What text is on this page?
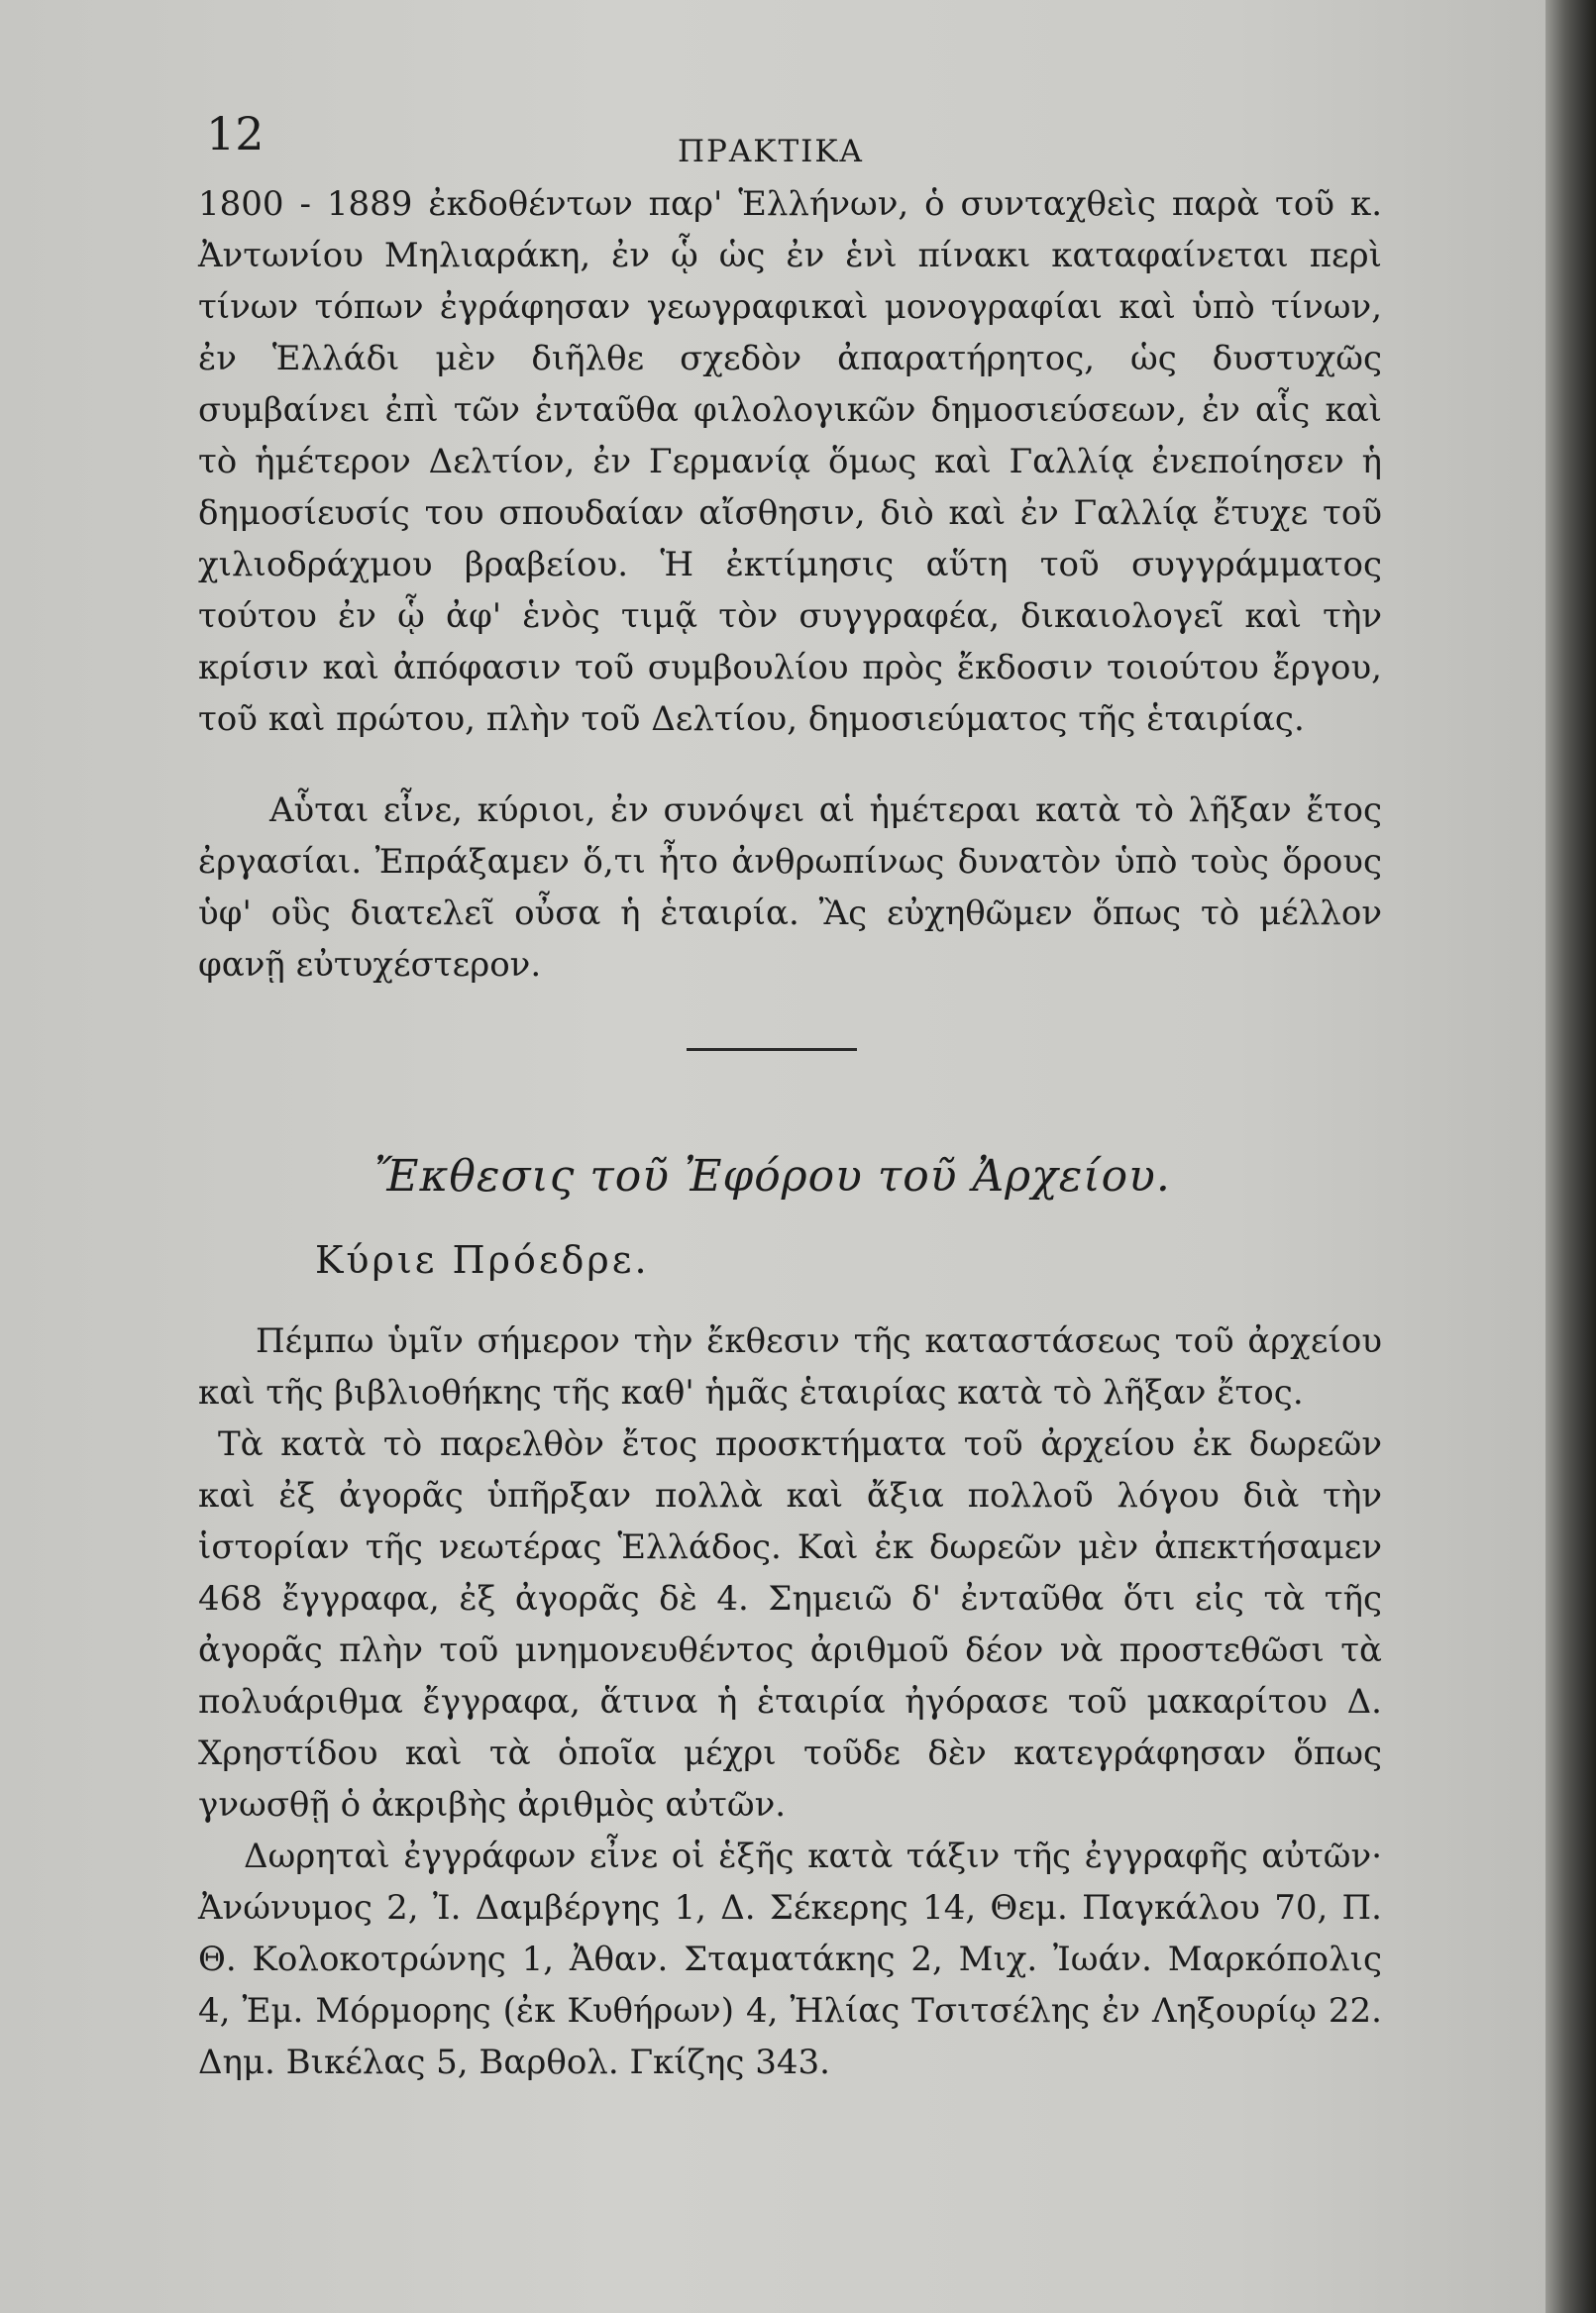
12	ΠΡΑΚΤΙΚΑ

1800 - 1889 ἐκδοθέντων παρ' Ἑλλήνων, ὁ συνταχθεὶς παρὰ τοῦ κ. Ἀντωνίου Μηλιαράκη, ἐν ᾧ ὡς ἐν ἑνὶ πίνακι καταφαίνεται περὶ τίνων τόπων ἐγράφησαν γεωγραφικαὶ μονογραφίαι καὶ ὑπὸ τίνων, ἐν Ἑλλάδι μὲν διῆλθε σχεδὸν ἀπαρατήρητος, ὡς δυστυχῶς συμβαίνει ἐπὶ τῶν ἐνταῦθα φιλολογικῶν δημοσιεύσεων, ἐν αἷς καὶ τὸ ἡμέτερον Δελτίον, ἐν Γερμανίᾳ ὅμως καὶ Γαλλίᾳ ἐνεποίησεν ἡ δημοσίευσίς του σπουδαίαν αἴσθησιν, διὸ καὶ ἐν Γαλλίᾳ ἔτυχε τοῦ χιλιοδράχμου βραβείου. Ἡ ἐκτίμησις αὕτη τοῦ συγγράμματος τούτου ἐν ᾧ ἀφ' ἑνὸς τιμᾷ τὸν συγγραφέα, δικαιολογεῖ καὶ τὴν κρίσιν καὶ ἀπόφασιν τοῦ συμβουλίου πρὸς ἔκδοσιν τοιούτου ἔργου, τοῦ καὶ πρώτου, πλὴν τοῦ Δελτίου, δημοσιεύματος τῆς ἑταιρίας.

Αὗται εἶνε, κύριοι, ἐν συνόψει αἱ ἡμέτεραι κατὰ τὸ λῆξαν ἔτος ἐργασίαι. Ἐπράξαμεν ὅ,τι ἦτο ἀνθρωπίνως δυνατὸν ὑπὸ τοὺς ὅρους ὑφ' οὓς διατελεῖ οὖσα ἡ ἑταιρία. Ἂς εὐχηθῶμεν ὅπως τὸ μέλλον φανῇ εὐτυχέστερον.

Ἔκθεσις τοῦ Ἐφόρου τοῦ Ἀρχείου.
Κύριε Πρόεδρε.

Πέμπω ὑμῖν σήμερον τὴν ἔκθεσιν τῆς καταστάσεως τοῦ ἀρχείου καὶ τῆς βιβλιοθήκης τῆς καθ' ἡμᾶς ἑταιρίας κατὰ τὸ λῆξαν ἔτος.

Τὰ κατὰ τὸ παρελθὸν ἔτος προσκτήματα τοῦ ἀρχείου ἐκ δωρεῶν καὶ ἐξ ἀγορᾶς ὑπῆρξαν πολλὰ καὶ ἄξια πολλοῦ λόγου διὰ τὴν ἱστορίαν τῆς νεωτέρας Ἑλλάδος. Καὶ ἐκ δωρεῶν μὲν ἀπεκτήσαμεν 468 ἔγγραφα, ἐξ ἀγορᾶς δὲ 4. Σημειῶ δ' ἐνταῦθα ὅτι εἰς τὰ τῆς ἀγορᾶς πλὴν τοῦ μνημονευθέντος ἀριθμοῦ δέον νὰ προστεθῶσι τὰ πολυάριθμα ἔγγραφα, ἅτινα ἡ ἑταιρία ἠγόρασε τοῦ μακαρίτου Δ. Χρηστίδου καὶ τὰ ὁποῖα μέχρι τοῦδε δὲν κατεγράφησαν ὅπως γνωσθῇ ὁ ἀκριβὴς ἀριθμὸς αὐτῶν.

Δωρηταὶ ἐγγράφων εἶνε οἱ ἑξῆς κατὰ τάξιν τῆς ἐγγραφῆς αὐτῶν· Ἀνώνυμος 2, Ἰ. Δαμβέργης 1, Δ. Σέκερης 14, Θεμ. Παγκάλου 70, Π. Θ. Κολοκοτρώνης 1, Ἀθαν. Σταματάκης 2, Μιχ. Ἰωάν. Μαρκόπολις 4, Ἐμ. Μόρμορης (ἐκ Κυθήρων) 4, Ἠλίας Τσιτσέλης ἐν Ληξουρίῳ 22. Δημ. Βικέλας 5, Βαρθολ. Γκίζης 343.
